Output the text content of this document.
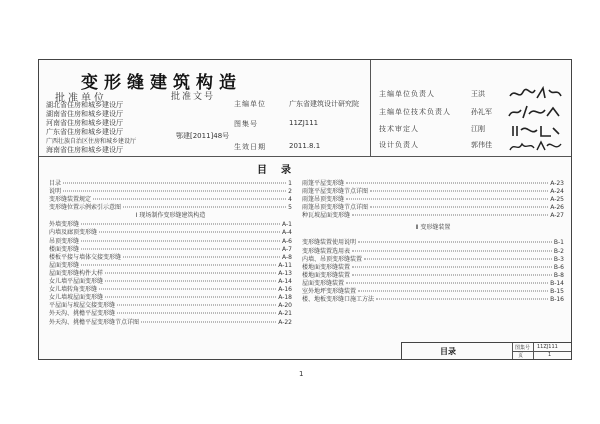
变形缝建筑构造
批准单位	批准文号
湖北省住房和城乡建设厅
湖南省住房和城乡建设厅
河南省住房和城乡建设厅
广东省住房和城乡建设厅
广西壮族自治区住房和城乡建设厅
海南省住房和城乡建设厅
鄂建[2011]48号
主编单位	广东省建筑设计研究院
图集号	11ZJ111
生效日期	2011.8.1
主编单位负责人	王洪
主编单位技术负责人	孙礼军
技术审定人	江刚
设计负责人	郭伟佳
目录
目录	1
说明	2
变形缝装置规定	4
变形缝位置示例索引示意图	5
Ⅰ 现场制作变形缝建筑构造
外墙变形缝	A-1
内墙及廊顶变形缝	A-4
吊顶变形缝	A-6
楼面变形缝	A-7
楼板平接与墙体交接变形缝	A-8
屋面变形缝	A-11
屋面变形缝构件大样	A-13
女儿墙平屋面变形缝	A-14
女儿墙转角变形缝	A-16
女儿墙坡屋面变形缝	A-18
平屋面与坡屋交接变形缝	A-20
外天沟、挑檐平屋变形缝	A-21
外天沟、挑檐平屋变形缝节点详图	A-22
雨篷平屋变形缝	A-23
雨篷平屋变形缝节点详图	A-24
雨篷吊顶变形缝	A-25
雨篷吊顶变形缝节点详图	A-26
种瓦坡屋面变形缝	A-27
Ⅱ 变形缝装置
变形缝装置使用说明	B-1
变形缝装置选用表	B-2
内墙、吊顶变形缝装置	B-3
楼地面变形缝装置	B-6
楼地面变形缝装置	B-8
屋面变形缝装置	B-14
室外地坪变形缝装置	B-15
楼、地板变形缝口施工方法	B-16
目录	图集号 11ZJ111
页	1
1
